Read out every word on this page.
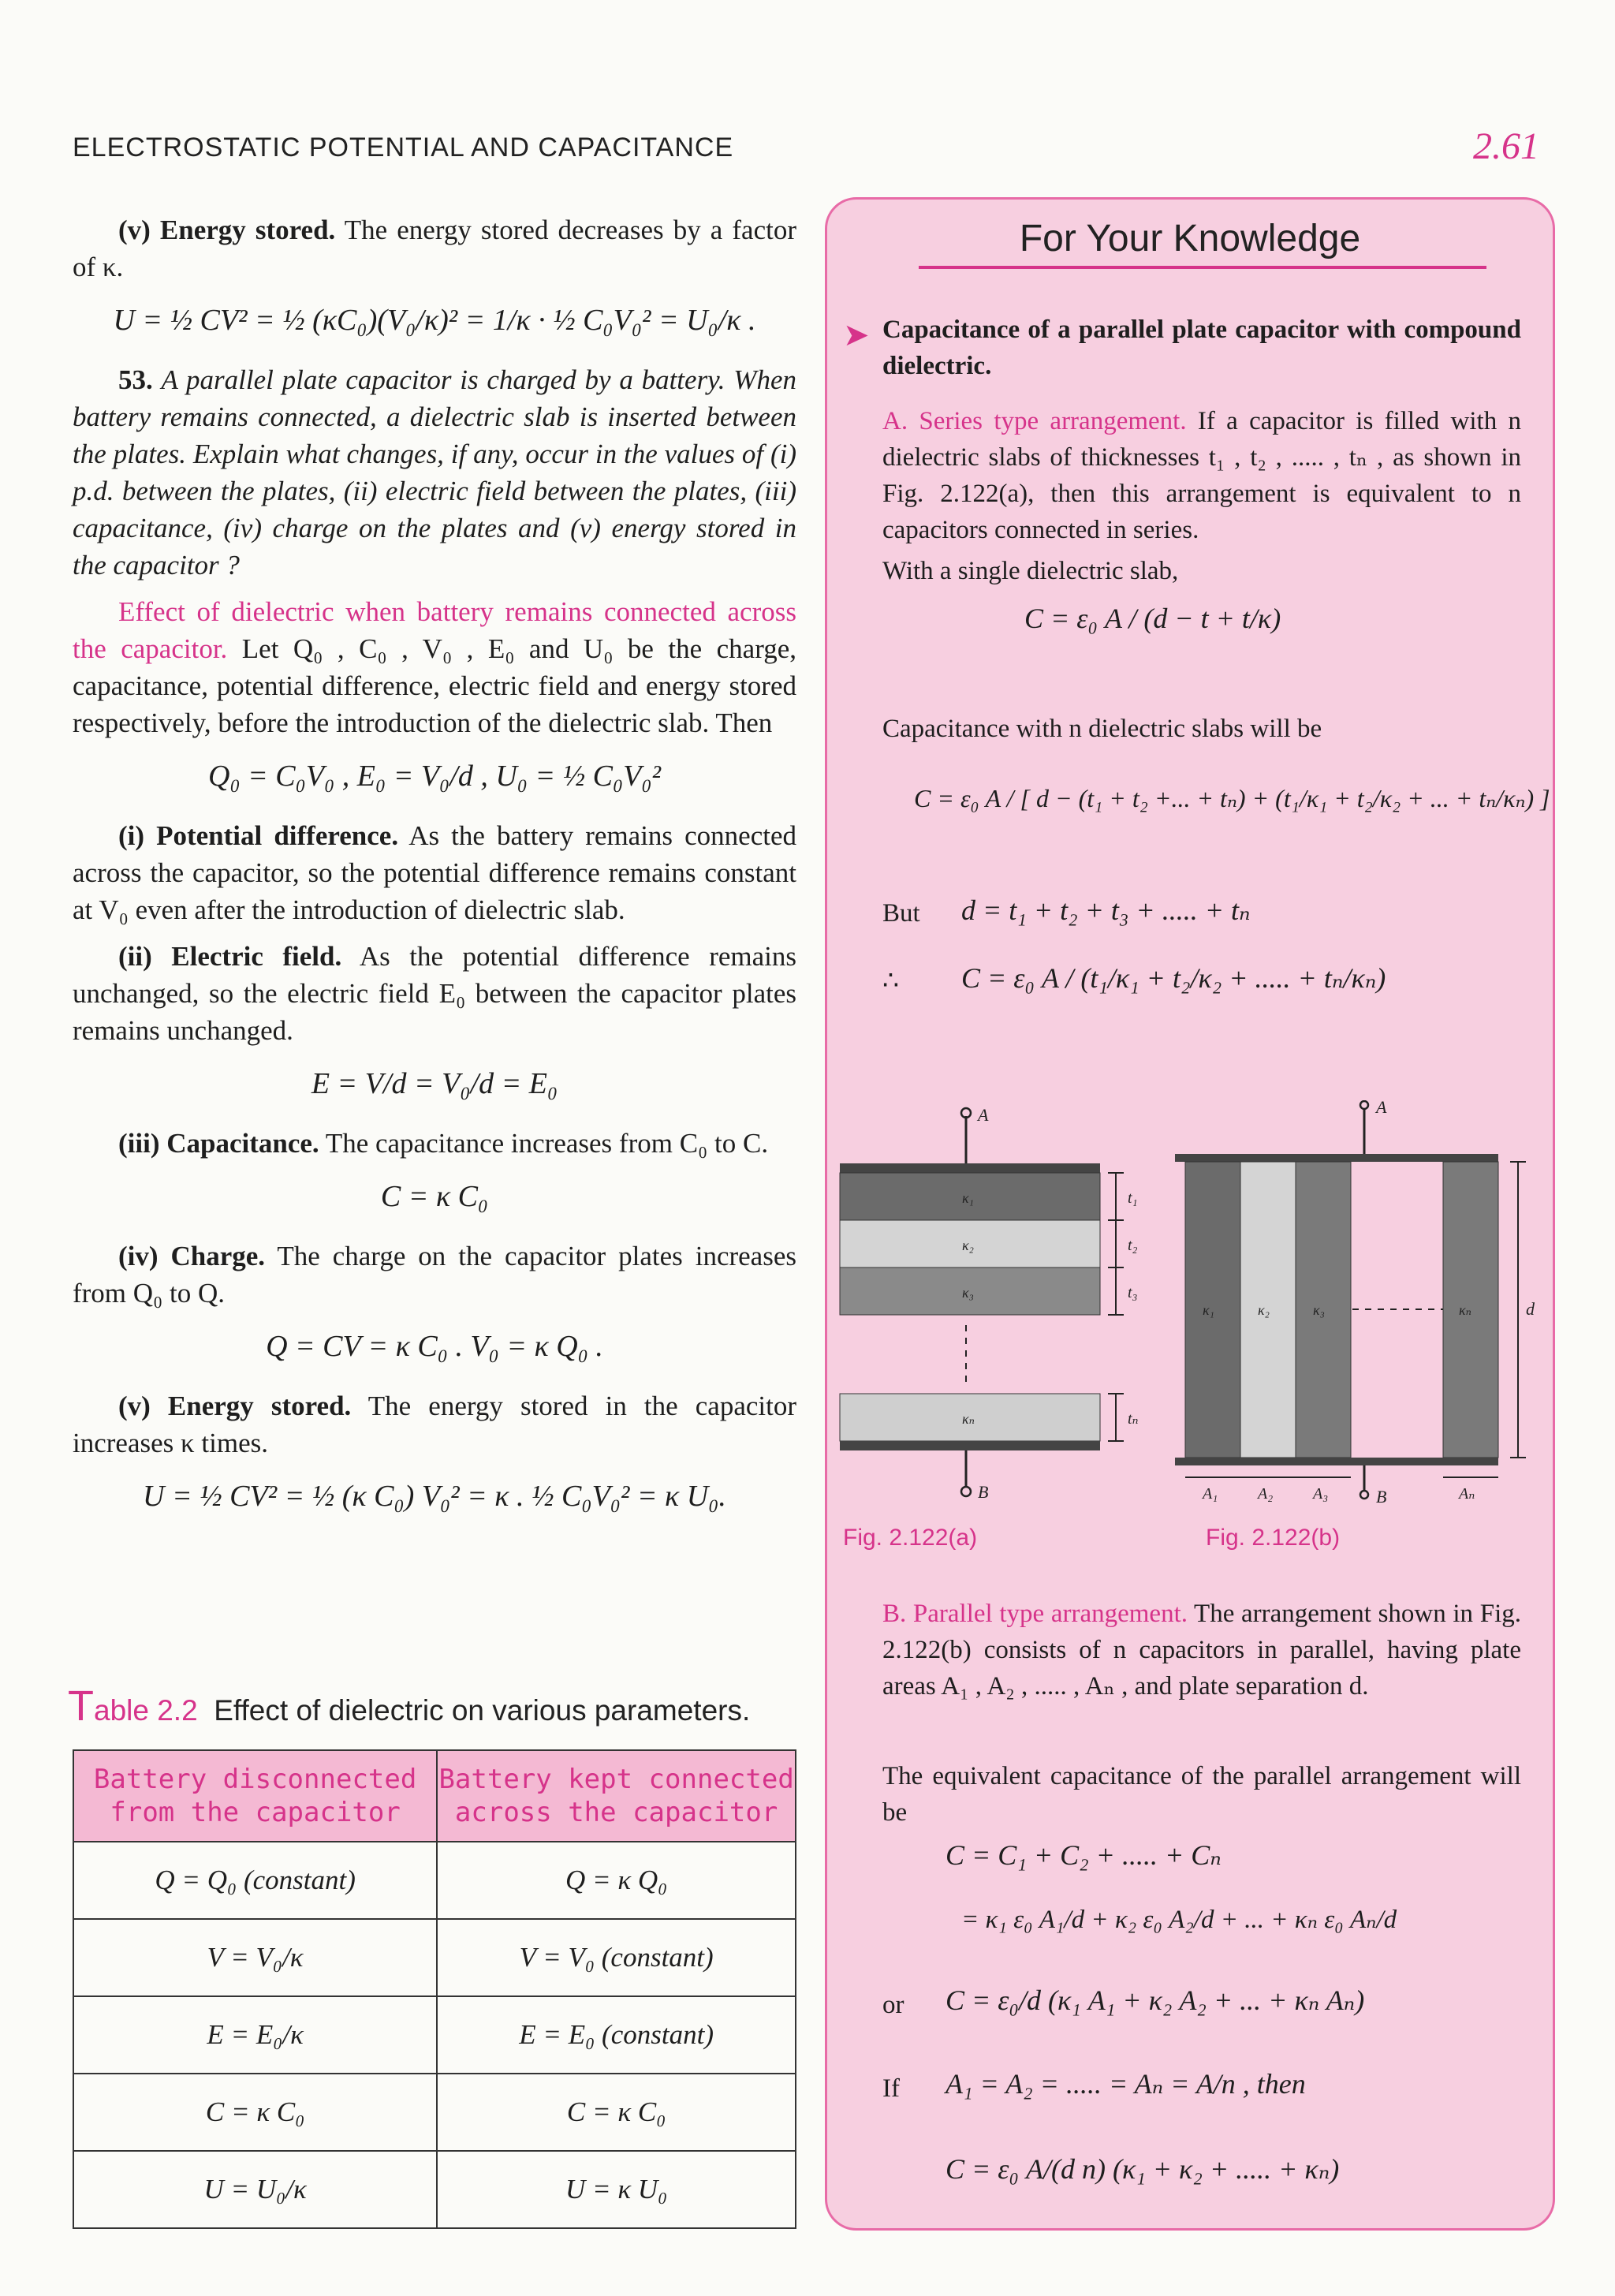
ELECTROSTATIC POTENTIAL AND CAPACITANCE	2.61

(v) Energy stored. The energy stored decreases by a factor of κ.

U = ½ CV² = ½ (κC₀)(V₀/κ)² = 1/κ · ½ C₀V₀² = U₀/κ .

53. A parallel plate capacitor is charged by a battery. When battery remains connected, a dielectric slab is inserted between the plates. Explain what changes, if any, occur in the values of (i) p.d. between the plates, (ii) electric field between the plates, (iii) capacitance, (iv) charge on the plates and (v) energy stored in the capacitor ?

Effect of dielectric when battery remains connected across the capacitor. Let Q₀ , C₀ , V₀ , E₀ and U₀ be the charge, capacitance, potential difference, electric field and energy stored respectively, before the introduction of the dielectric slab. Then

Q₀ = C₀V₀ , E₀ = V₀/d , U₀ = ½ C₀V₀²

(i) Potential difference. As the battery remains connected across the capacitor, so the potential difference remains constant at V₀ even after the introduction of dielectric slab.

(ii) Electric field. As the potential difference remains unchanged, so the electric field E₀ between the capacitor plates remains unchanged.

E = V/d = V₀/d = E₀

(iii) Capacitance. The capacitance increases from C₀ to C.

C = κ C₀

(iv) Charge. The charge on the capacitor plates increases from Q₀ to Q.

Q = CV = κ C₀ . V₀ = κ Q₀ .

(v) Energy stored. The energy stored in the capacitor increases κ times.

U = ½ CV² = ½ (κ C₀) V₀² = κ . ½ C₀V₀² = κ U₀.
Table 2.2 Effect of dielectric on various parameters.
Battery disconnected from the capacitor	Battery kept connected across the capacitor
Q = Q₀ (constant)	Q = κ Q₀
V = V₀/κ	V = V₀ (constant)
E = E₀/κ	E = E₀ (constant)
C = κ C₀	C = κ C₀
U = U₀/κ	U = κ U₀
For Your Knowledge
➤ Capacitance of a parallel plate capacitor with compound dielectric.
A. Series type arrangement. If a capacitor is filled with n dielectric slabs of thicknesses t₁ , t₂ , ..... , tₙ , as shown in Fig. 2.122(a), then this arrangement is equivalent to n capacitors connected in series.
With a single dielectric slab,
C = ε₀ A / (d − t + t/κ)
Capacitance with n dielectric slabs will be
C = ε₀ A / [ d − (t₁ + t₂ +... + tₙ) + (t₁/κ₁ + t₂/κ₂ + ... + tₙ/κₙ) ]
But	d = t₁ + t₂ + t₃ + ..... + tₙ
∴	C = ε₀ A / (t₁/κ₁ + t₂/κ₂ + ..... + tₙ/κₙ)
Fig. 2.122(a)	Fig. 2.122(b)
B. Parallel type arrangement. The arrangement shown in Fig. 2.122(b) consists of n capacitors in parallel, having plate areas A₁ , A₂ , ..... , Aₙ , and plate separation d.
The equivalent capacitance of the parallel arrangement will be
C = C₁ + C₂ + ..... + Cₙ
= κ₁ ε₀ A₁/d + κ₂ ε₀ A₂/d + ... + κₙ ε₀ Aₙ/d
or	C = ε₀/d (κ₁ A₁ + κ₂ A₂ + ... + κₙ Aₙ)
If	A₁ = A₂ = ..... = Aₙ = A/n , then
C = ε₀ A/(d n) (κ₁ + κ₂ + ..... + κₙ)
A
κ₁
κ₂
κ₃
κₙ
B
t₁
t₂
t₃
tₙ
A
κ₁	κ₂	κ₃	κₙ	d
B
A₁	A₂	A₃	Aₙ
